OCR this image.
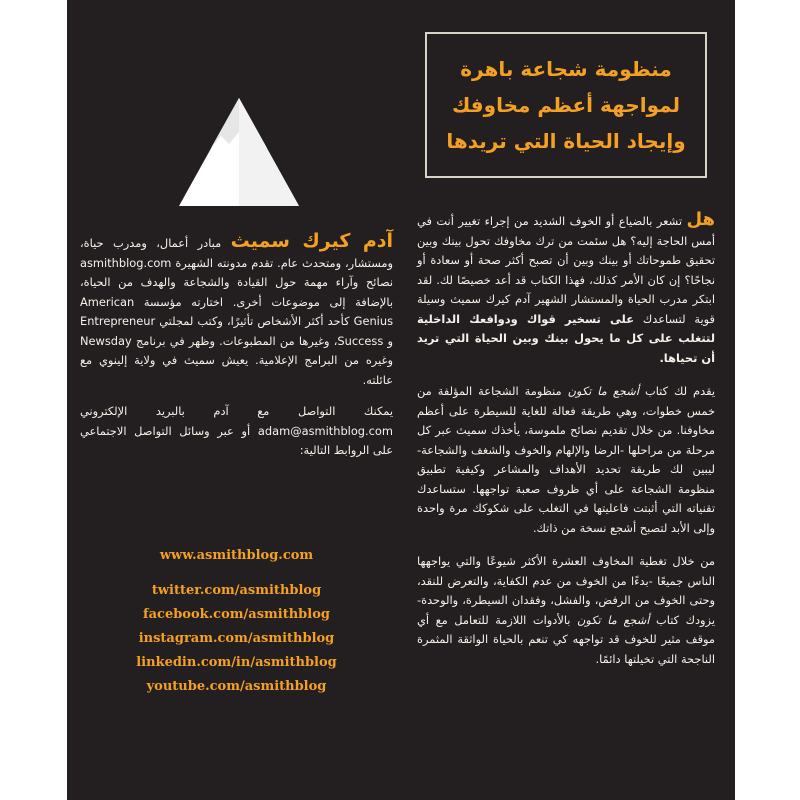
منظومة شجاعة باهرة
لمواجهة أعظم مخاوفك
وإيجاد الحياة التي تريدها

هل تشعر بالضياع أو الخوف الشديد من إجراء تغيير أنت في أمس الحاجة إليه؟ هل سئمت من ترك مخاوفك تحول بينك وبين تحقيق طموحاتك أو بينك وبين أن تصبح أكثر صحة أو سعادة أو نجاحًا؟ إن كان الأمر كذلك، فهذا الكتاب قد أعد خصيصًا لك. لقد ابتكر مدرب الحياة والمستشار الشهير آدم كيرك سميث وسيلة قوية لتساعدك على تسخير قواك ودوافعك الداخلية لتتغلب على كل ما يحول بينك وبين الحياة التي تريد أن تحياها.

يقدم لك كتاب أشجع ما تكون منظومة الشجاعة المؤلفة من خمس خطوات، وهي طريقة فعالة للغاية للسيطرة على أعظم مخاوفنا. من خلال تقديم نصائح ملموسة، يأخذك سميث عبر كل مرحلة من مراحلها -الرضا والإلهام والخوف والشغف والشجاعة- ليبين لك طريقة تحديد الأهداف والمشاعر وكيفية تطبيق منظومة الشجاعة على أي ظروف صعبة تواجهها. ستساعدك تقنياته التي أثبتت فاعليتها في التغلب على شكوكك مرة واحدة وإلى الأبد لتصبح أشجع نسخة من ذاتك.

من خلال تغطية المخاوف العشرة الأكثر شيوعًا والتي يواجهها الناس جميعًا -بدءًا من الخوف من عدم الكفاية، والتعرض للنقد، وحتى الخوف من الرفض، والفشل، وفقدان السيطرة، والوحدة- يزودك كتاب أشجع ما تكون بالأدوات اللازمة للتعامل مع أي موقف مثير للخوف قد تواجهه كي تنعم بالحياة الواثقة المثمرة الناجحة التي تخيلتها دائمًا.

آدم كيرك سميث مبادر أعمال، ومدرب حياة، ومستشار، ومتحدث عام. تقدم مدونته الشهيرة asmithblog.com نصائح وآراء مهمة حول القيادة والشجاعة والهدف من الحياة، بالإضافة إلى موضوعات أخرى. اختارته مؤسسة American Genius كأحد أكثر الأشخاص تأثيرًا، وكتب لمجلتي Entrepreneur و Success، وغيرها من المطبوعات. وظهر في برنامج Newsday وغيره من البرامج الإعلامية. يعيش سميث في ولاية إلينوي مع عائلته.

يمكنك التواصل مع آدم بالبريد الإلكتروني adam@asmithblog.com أو عبر وسائل التواصل الاجتماعي على الروابط التالية:

www.asmithblog.com
twitter.com/asmithblog
facebook.com/asmithblog
instagram.com/asmithblog
linkedin.com/in/asmithblog
youtube.com/asmithblog
